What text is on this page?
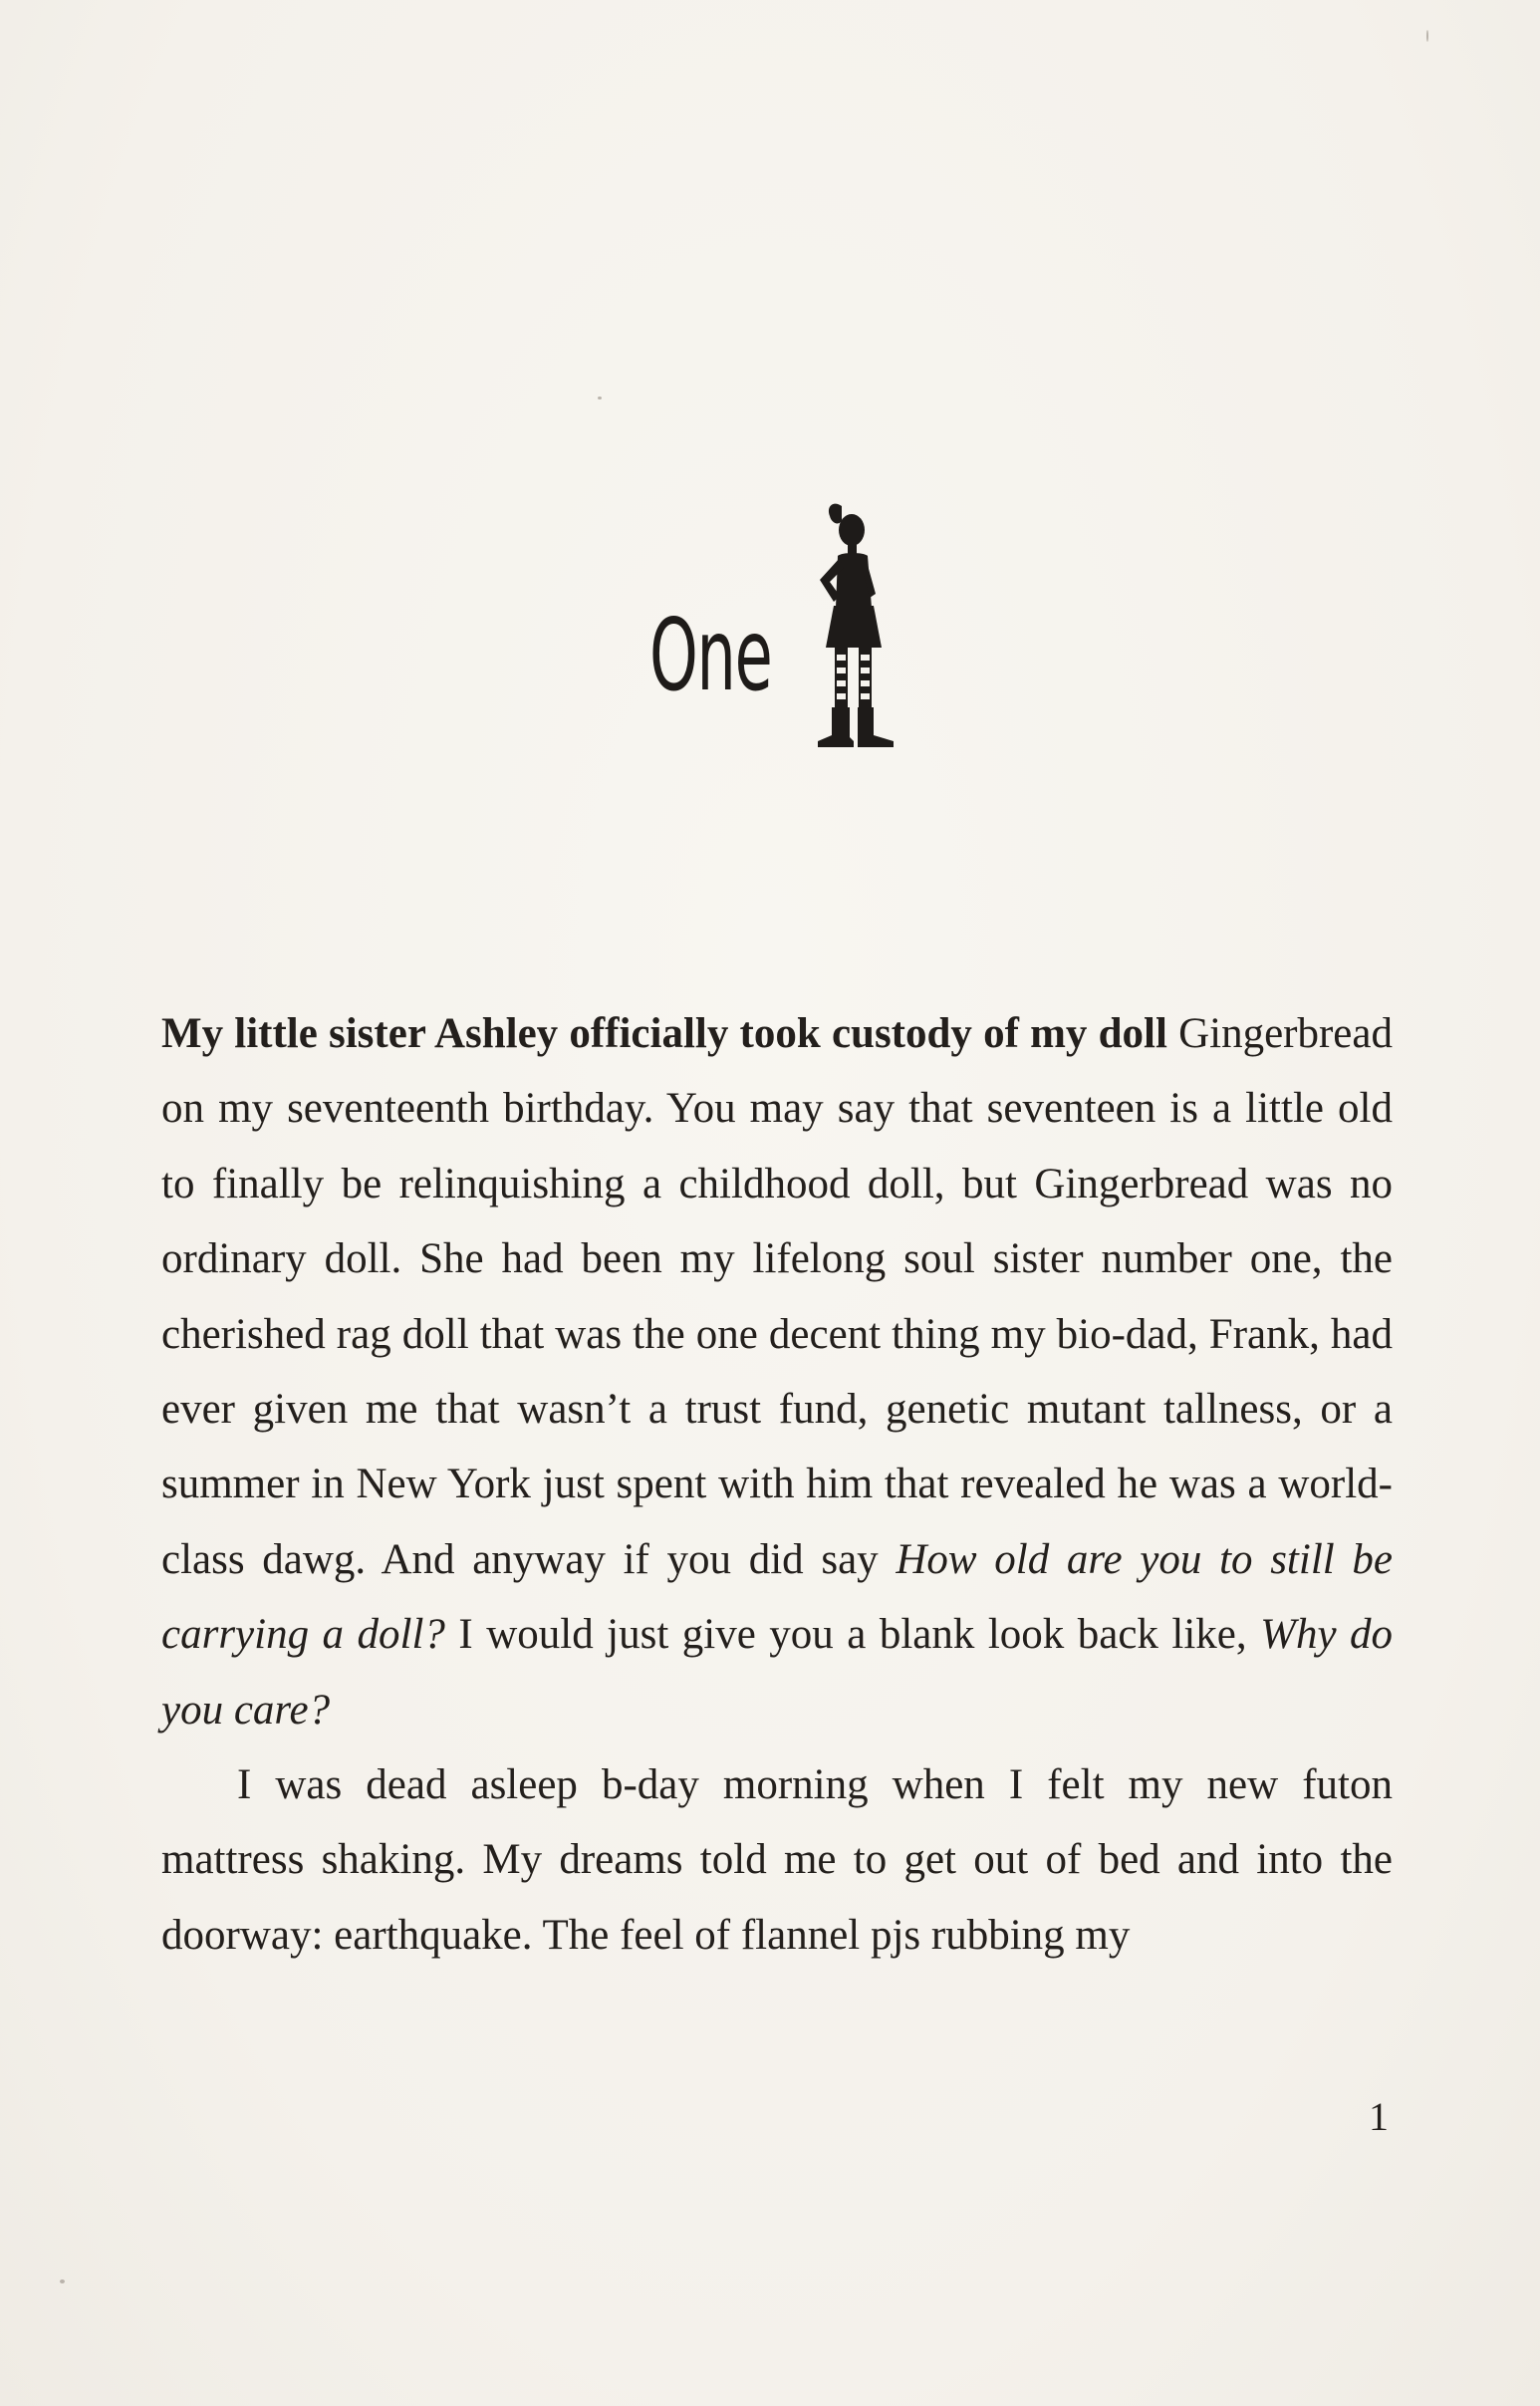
One

My little sister Ashley officially took custody of my doll Gingerbread on my seventeenth birthday. You may say that seventeen is a little old to finally be relinquishing a childhood doll, but Gingerbread was no ordinary doll. She had been my lifelong soul sister number one, the cherished rag doll that was the one decent thing my bio-dad, Frank, had ever given me that wasn’t a trust fund, genetic mutant tallness, or a summer in New York just spent with him that revealed he was a world-class dawg. And anyway if you did say How old are you to still be carrying a doll? I would just give you a blank look back like, Why do you care?

I was dead asleep b-day morning when I felt my new futon mattress shaking. My dreams told me to get out of bed and into the doorway: earthquake. The feel of flannel pjs rubbing my

1
